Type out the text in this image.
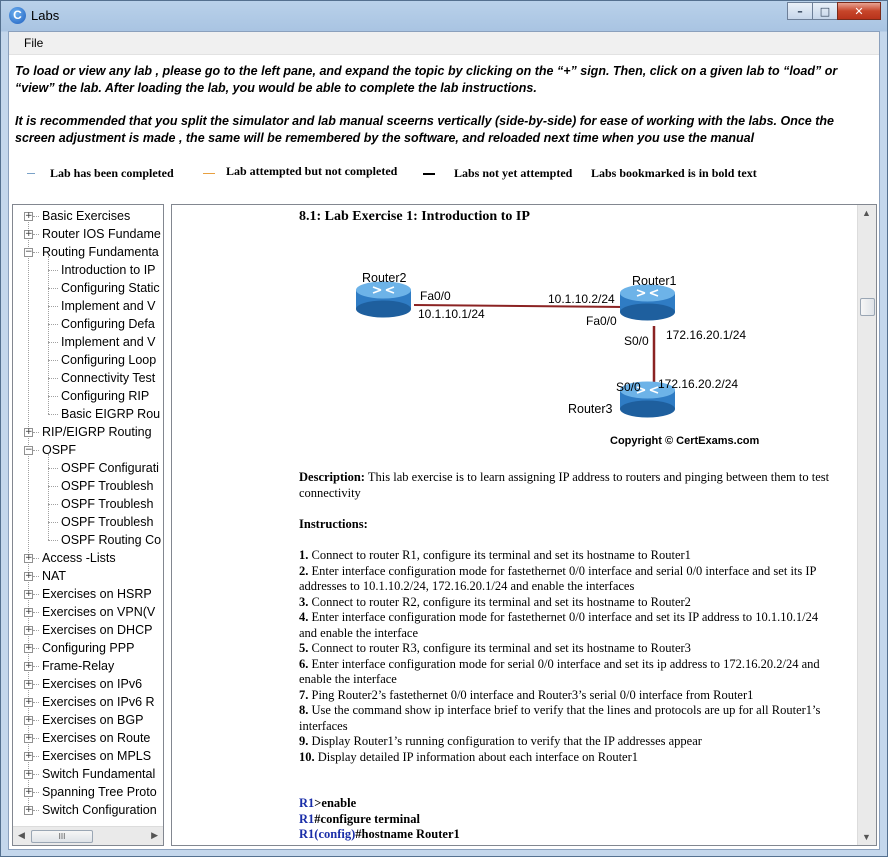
C Labs	–	□	✕
File
To load or view any lab , please go to the left pane, and expand the topic by clicking on the “+” sign. Then, click on a given lab to “load” or “view” the lab. After loading the lab, you would be able to complete the lab instructions.
It is recommended that you split the simulator and lab manual sceerns vertically (side-by-side) for ease of working with the labs. Once the screen adjustment is made , the same will be remembered by the software, and reloaded next time when you use the manual
Lab has been completed	Lab attempted but not completed	Labs not yet attempted Labs bookmarked is in bold text
+ Basic Exercises
+ Router IOS Fundame
− Routing Fundamenta
Introduction to IP
Configuring Static
Implement and V
Configuring Defa
Implement and V
Configuring Loop
Connectivity Test
Configuring RIP
Basic EIGRP Rou
+ RIP/EIGRP Routing
− OSPF
OSPF Configurati
OSPF Troublesh
OSPF Troublesh
OSPF Troublesh
OSPF Routing Co
+ Access -Lists
+ NAT
+ Exercises on HSRP
+ Exercises on VPN(V
+ Exercises on DHCP
+ Configuring PPP
+ Frame-Relay
+ Exercises on IPv6
+ Exercises on IPv6 R
+ Exercises on BGP
+ Exercises on Route
+ Exercises on MPLS
+ Switch Fundamental
+ Spanning Tree Proto
+ Switch Configuration
◀	III	▶
8.1: Lab Exercise 1: Introduction to IP
Router2	Router1
Router3
Fa0/0
10.1.10.1/24
10.1.10.2/24
Fa0/0
S0/0 172.16.20.1/24
S0/0 172.16.20.2/24
Copyright © CertExams.com
Description: This lab exercise is to learn assigning IP address to routers and pinging between them to test connectivity
Instructions:
1. Connect to router R1, configure its terminal and set its hostname to Router1
2. Enter interface configuration mode for fastethernet 0/0 interface and serial 0/0 interface and set its IP addresses to 10.1.10.2/24, 172.16.20.1/24 and enable the interfaces
3. Connect to router R2, configure its terminal and set its hostname to Router2
4. Enter interface configuration mode for fastethernet 0/0 interface and set its IP address to 10.1.10.1/24 and enable the interface
5. Connect to router R3, configure its terminal and set its hostname to Router3
6. Enter interface configuration mode for serial 0/0 interface and set its ip address to 172.16.20.2/24 and enable the interface
7. Ping Router2’s fastethernet 0/0 interface and Router3’s serial 0/0 interface from Router1
8. Use the command show ip interface brief to verify that the lines and protocols are up for all Router1’s interfaces
9. Display Router1’s running configuration to verify that the IP addresses appear
10. Display detailed IP information about each interface on Router1
R1>enable
R1#configure terminal
R1(config)#hostname Router1
▲
▼
